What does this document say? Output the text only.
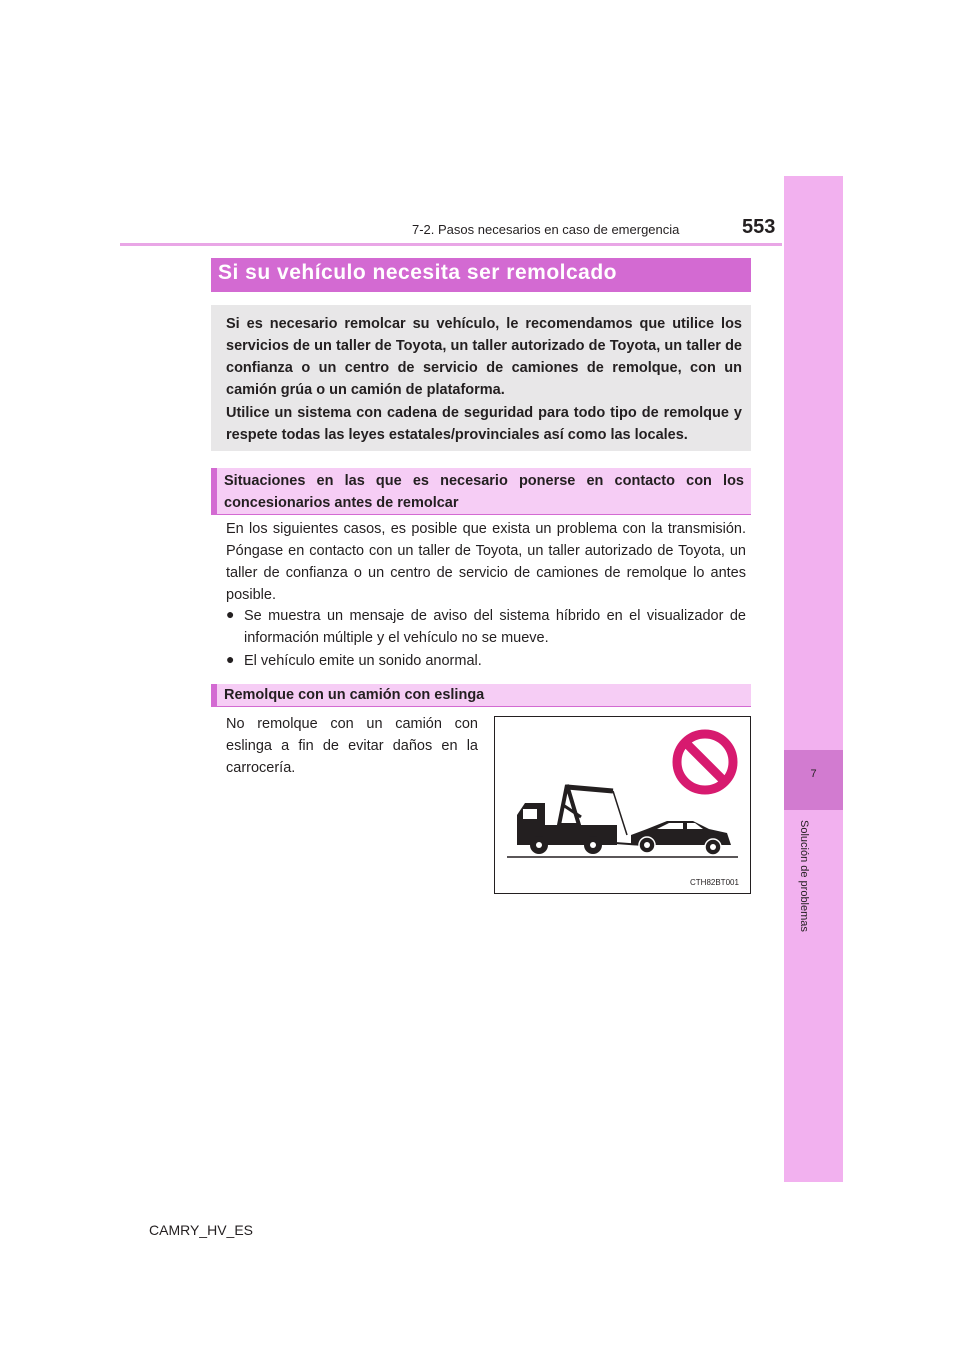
7-2. Pasos necesarios en caso de emergencia	553
7
Solución de problemas
Si su vehículo necesita ser remolcado
Si es necesario remolcar su vehículo, le recomendamos que utilice los servicios de un taller de Toyota, un taller autorizado de Toyota, un taller de confianza o un centro de servicio de camiones de remolque, con un camión grúa o un camión de plataforma.
Utilice un sistema con cadena de seguridad para todo tipo de remolque y respete todas las leyes estatales/provinciales así como las locales.
Situaciones en las que es necesario ponerse en contacto con los concesionarios antes de remolcar
En los siguientes casos, es posible que exista un problema con la transmisión. Póngase en contacto con un taller de Toyota, un taller autorizado de Toyota, un taller de confianza o un centro de servicio de camiones de remolque lo antes posible.
● Se muestra un mensaje de aviso del sistema híbrido en el visualizador de información múltiple y el vehículo no se mueve.
● El vehículo emite un sonido anormal.
Remolque con un camión con eslinga
No remolque con un camión con eslinga a fin de evitar daños en la carrocería.
CTH82BT001
CAMRY_HV_ES
